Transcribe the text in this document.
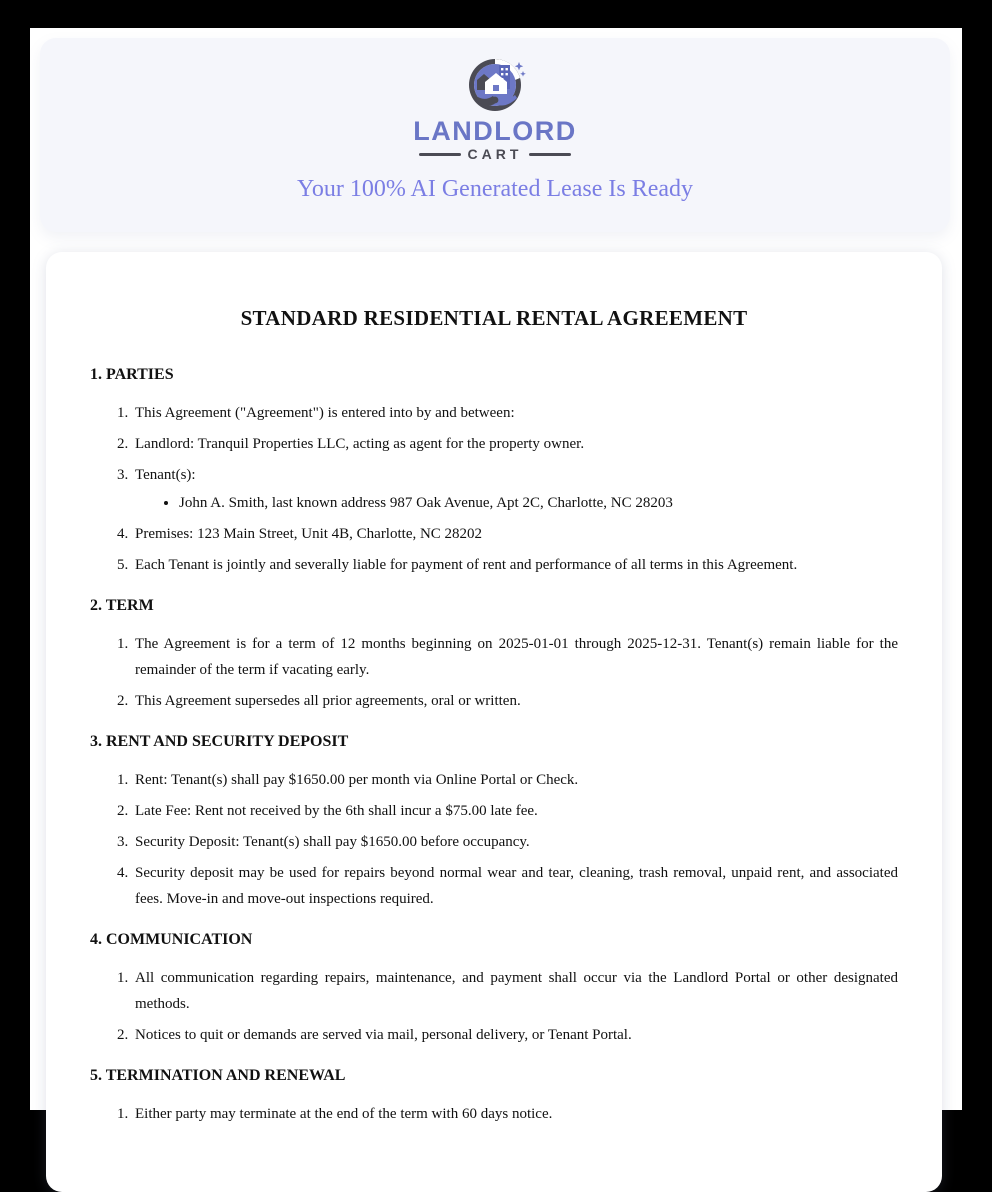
LANDLORD
CART
Your 100% AI Generated Lease Is Ready
STANDARD RESIDENTIAL RENTAL AGREEMENT
1. PARTIES
1. This Agreement ("Agreement") is entered into by and between:
2. Landlord: Tranquil Properties LLC, acting as agent for the property owner.
3. Tenant(s):
• John A. Smith, last known address 987 Oak Avenue, Apt 2C, Charlotte, NC 28203
4. Premises: 123 Main Street, Unit 4B, Charlotte, NC 28202
5. Each Tenant is jointly and severally liable for payment of rent and performance of all terms in this Agreement.
2. TERM
1. The Agreement is for a term of 12 months beginning on 2025-01-01 through 2025-12-31. Tenant(s) remain liable for the remainder of the term if vacating early.
2. This Agreement supersedes all prior agreements, oral or written.
3. RENT AND SECURITY DEPOSIT
1. Rent: Tenant(s) shall pay $1650.00 per month via Online Portal or Check.
2. Late Fee: Rent not received by the 6th shall incur a $75.00 late fee.
3. Security Deposit: Tenant(s) shall pay $1650.00 before occupancy.
4. Security deposit may be used for repairs beyond normal wear and tear, cleaning, trash removal, unpaid rent, and associated fees. Move-in and move-out inspections required.
4. COMMUNICATION
1. All communication regarding repairs, maintenance, and payment shall occur via the Landlord Portal or other designated methods.
2. Notices to quit or demands are served via mail, personal delivery, or Tenant Portal.
5. TERMINATION AND RENEWAL
1. Either party may terminate at the end of the term with 60 days notice.
